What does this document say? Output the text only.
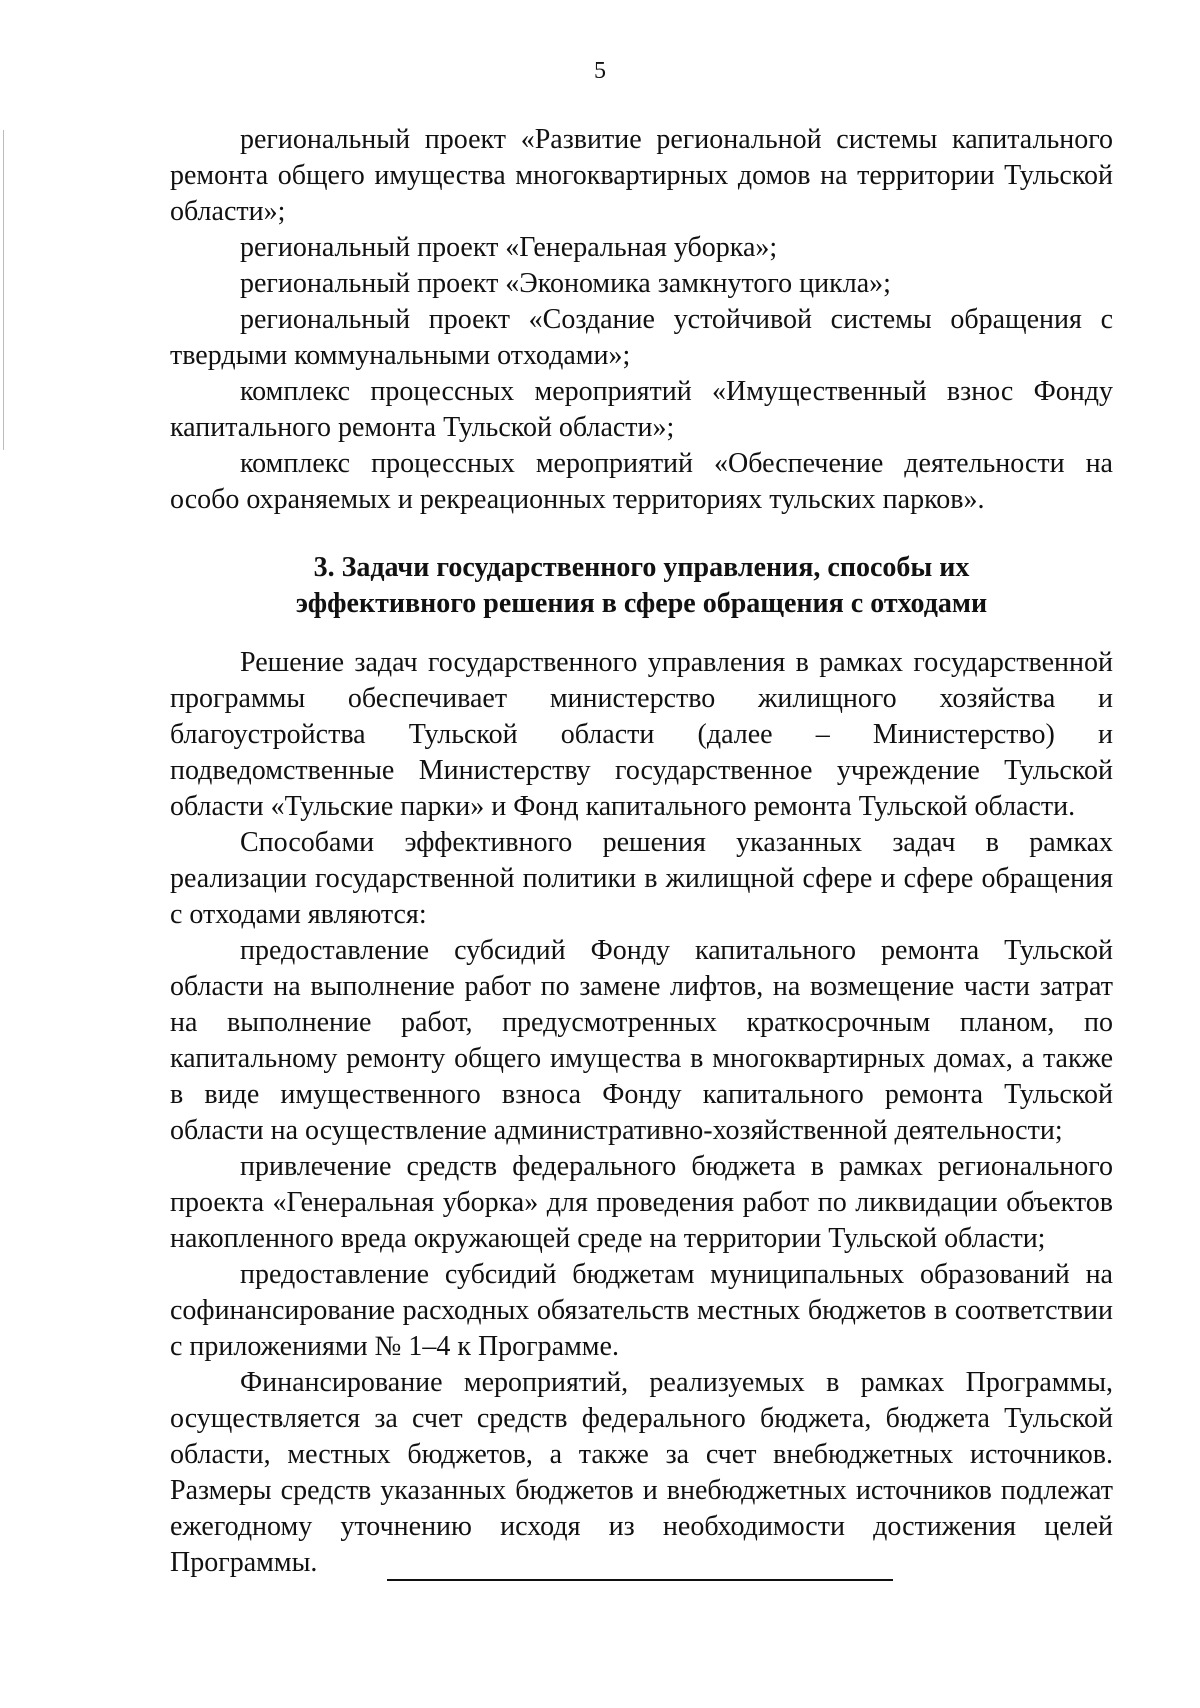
5

региональный проект «Развитие региональной системы капитального ремонта общего имущества многоквартирных домов на территории Тульской области»;

региональный проект «Генеральная уборка»;

региональный проект «Экономика замкнутого цикла»;

региональный проект «Создание устойчивой системы обращения с твердыми коммунальными отходами»;

комплекс процессных мероприятий «Имущественный взнос Фонду капитального ремонта Тульской области»;

комплекс процессных мероприятий «Обеспечение деятельности на особо охраняемых и рекреационных территориях тульских парков».

3. Задачи государственного управления, способы их
эффективного решения в сфере обращения с отходами

Решение задач государственного управления в рамках государственной программы обеспечивает министерство жилищного хозяйства и благоустройства Тульской области (далее – Министерство) и подведомственные Министерству государственное учреждение Тульской области «Тульские парки» и Фонд капитального ремонта Тульской области.

Способами эффективного решения указанных задач в рамках реализации государственной политики в жилищной сфере и сфере обращения с отходами являются:

предоставление субсидий Фонду капитального ремонта Тульской области на выполнение работ по замене лифтов, на возмещение части затрат на выполнение работ, предусмотренных краткосрочным планом, по капитальному ремонту общего имущества в многоквартирных домах, а также в виде имущественного взноса Фонду капитального ремонта Тульской области на осуществление административно-хозяйственной деятельности;

привлечение средств федерального бюджета в рамках регионального проекта «Генеральная уборка» для проведения работ по ликвидации объектов накопленного вреда окружающей среде на территории Тульской области;

предоставление субсидий бюджетам муниципальных образований на софинансирование расходных обязательств местных бюджетов в соответствии с приложениями № 1–4 к Программе.

Финансирование мероприятий, реализуемых в рамках Программы, осуществляется за счет средств федерального бюджета, бюджета Тульской области, местных бюджетов, а также за счет внебюджетных источников. Размеры средств указанных бюджетов и внебюджетных источников подлежат ежегодному уточнению исходя из необходимости достижения целей Программы.
